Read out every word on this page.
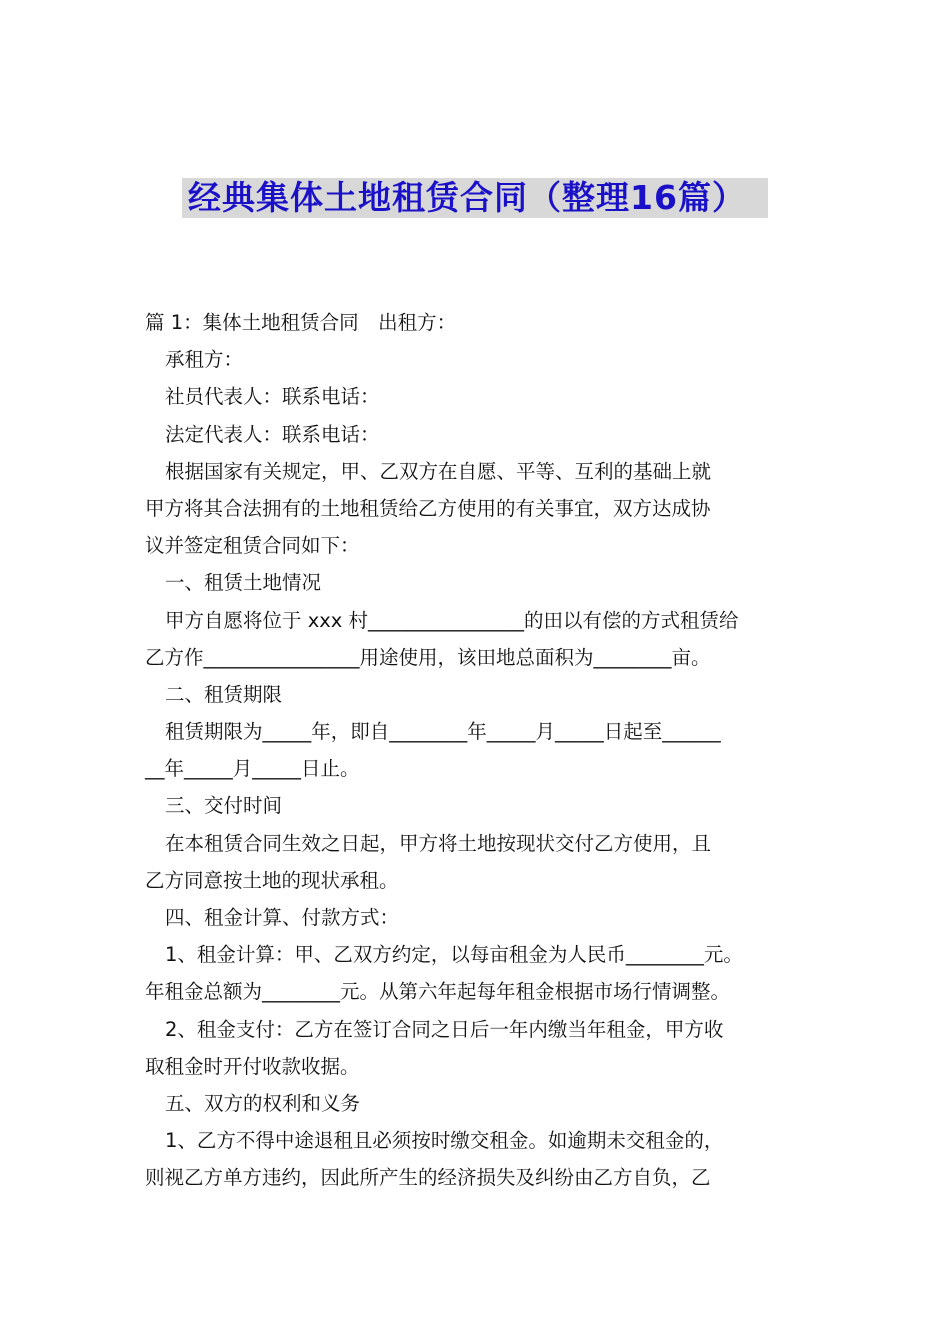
经典集体土地租赁合同（整理16篇）
篇 1：集体土地租赁合同　出租方：
承租方：
社员代表人：联系电话：
法定代表人：联系电话：
根据国家有关规定，甲、乙双方在自愿、平等、互利的基础上就
甲方将其合法拥有的土地租赁给乙方使用的有关事宜，双方达成协
议并签定租赁合同如下：
一、租赁土地情况
甲方自愿将位于 xxx 村________________的田以有偿的方式租赁给
乙方作________________用途使用，该田地总面积为________亩。
二、租赁期限
租赁期限为_____年，即自________年_____月_____日起至______
__年_____月_____日止。
三、交付时间
在本租赁合同生效之日起，甲方将土地按现状交付乙方使用，且
乙方同意按土地的现状承租。
四、租金计算、付款方式：
1、租金计算：甲、乙双方约定，以每亩租金为人民币________元。
年租金总额为________元。从第六年起每年租金根据市场行情调整。
2、租金支付：乙方在签订合同之日后一年内缴当年租金，甲方收
取租金时开付收款收据。
五、双方的权利和义务
1、乙方不得中途退租且必须按时缴交租金。如逾期未交租金的，
则视乙方单方违约，因此所产生的经济损失及纠纷由乙方自负，乙
